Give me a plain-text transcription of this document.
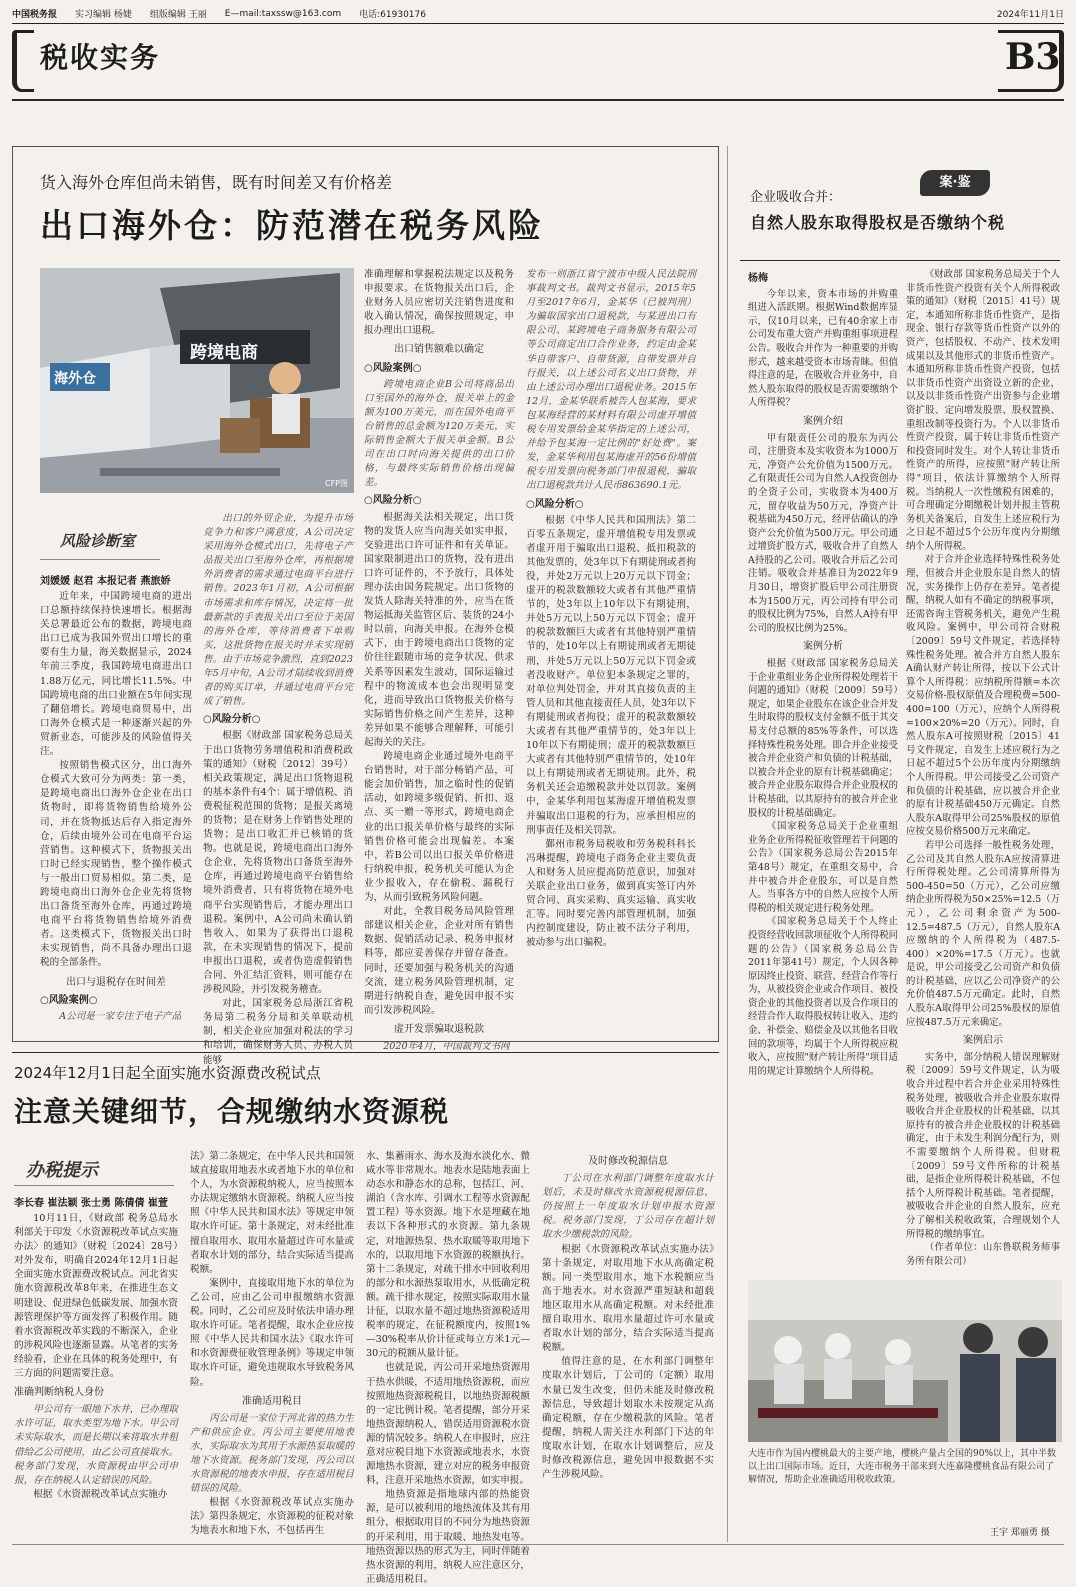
中国税务报 实习编辑 杨婕 组版编辑 王丽 E—mail:taxssw@163.com 电话:61930176	2024年11月1日
税收实务	B3
货入海外仓库但尚未销售，既有时间差又有价格差
出口海外仓：防范潜在税务风险
跨境电商
海外仓
CFP图
风险诊断室
刘媛媛 赵君 本报记者 燕旅娇

近年来，中国跨境电商的进出口总额持续保持快速增长。根据海关总署最近公布的数据，跨境电商出口已成为我国外贸出口增长的重要有生力量，海关数据显示，2024年前三季度，我国跨境电商进出口1.88万亿元，同比增长11.5%。中国跨境电商的出口业额在5年间实现了翻倍增长。跨境电商贸易中，出口海外仓模式是一种逐渐兴起的外贸新业态，可能涉及的风险值得关注。

按照销售模式区分，出口海外仓模式大致可分为两类：第一类，是跨境电商出口海外仓企业在出口货物时，即将货物销售给境外公司，并在货物抵达后存入指定海外仓，后续由境外公司在电商平台运营销售。这种模式下，货物报关出口时已经实现销售，整个操作模式与一般出口贸易相似。第二类，是跨境电商出口海外仓企业先将货物出口备货至海外仓库，再通过跨境电商平台将货物销售给境外消费者。这类模式下，货物报关出口时未实现销售，尚不具备办理出口退税的全部条件。

出口与退税存在时间差
○风险案例○

A公司是一家专注于电子产品

出口的外贸企业，为提升市场竞争力和客户满意度，A公司决定采用海外仓模式出口，先将电子产品报关出口至海外仓库，再根据境外消费者的需求通过电商平台进行销售。2023年1月初，A公司根据市场需求和库存情况，决定将一批最新款的手表报关出口至位于美国的海外仓库，等待消费者下单购买，这批货物在报关时并未实现销售。由于市场竞争激烈，直到2023年5月中旬，A公司才陆续收到消费者的购买订单，并通过电商平台完成了销售。

○风险分析○

根据《财政部 国家税务总局关于出口货物劳务增值税和消费税政策的通知》（财税〔2012〕39号）相关政策规定，满足出口货物退税的基本条件有4个：属于增值税、消费税征税范围的货物；是报关离境的货物；是在财务上作销售处理的货物；是出口收汇并已核销的货物。也就是说，跨境电商出口海外仓企业，先将货物出口备货至海外仓库，再通过跨境电商平台销售给境外消费者，只有将货物在境外电商平台实现销售后，才能办理出口退税。案例中，A公司尚未确认销售收入，如果为了获得出口退税款，在未实现销售的情况下，提前申报出口退税，或者伪造虚假销售合同、外汇结汇资料，则可能存在涉税风险，并引发税务稽查。

对此，国家税务总局浙江省税务局第二税务分局和关单联动机制，相关企业应加强对税法的学习和培训，确保财务人员、办税人员能够

准确理解和掌握税法规定以及税务申报要求。在货物报关出口后，企业财务人员应密切关注销售进度和收入确认情况，确保按照规定，申报办理出口退税。

出口销售额难以确定
○风险案例○

跨境电商企业B公司将商品出口至国外的海外仓，报关单上的金额为100万美元，而在国外电商平台销售的总金额为120万美元，实际销售金额大于报关单金额。B公司在出口时向海关提供的出口价格，与最终实际销售价格出现偏差。

○风险分析○

根据海关法相关规定，出口货物的发货人应当向海关如实申报，交验进出口许可证件和有关单证。国家限制进出口的货物，没有进出口许可证件的，不予放行，具体处理办法由国务院规定。出口货物的发货人除海关特准的外，应当在货物运抵海关监管区后、装货的24小时以前，向海关申报。在海外仓模式下，由于跨境电商出口货物的定价往往跟随市场的竞争状况、供求关系等因素发生波动，国际运输过程中的物流成本也会出现明显变化，进而导致出口货物报关价格与实际销售价格之间产生差异，这种差异如果不能够合理解释，可能引起海关的关注。

跨境电商企业通过境外电商平台销售时，对于部分畅销产品，可能会加价销售，加之临时性的促销活动，如跨境多级促销、折扣、返点、买一赠一等形式，跨境电商企业的出口报关单价格与最终的实际销售价格可能会出现偏差。本案中，若B公司以出口报关单价格进行纳税申报，税务机关可能认为企业少报收入，存在偷税、漏税行为，从而引致税务风险问题。

对此，全教目税务局风险管理部建议相关企业，企业对所有销售数据、促销活动记录、税务申报材料等，都应妥善保存并留存备查。同时，还要加强与税务机关的沟通交流，建立税务风险管理机制，定期进行纳税自查，避免因申报不实而引发涉税风险。

虚开发票骗取退税款

2020年4月，中国裁判文书网

发布一则浙江省宁波市中级人民法院刑事裁判文书。裁判文书显示，2015年5月至2017年6月，金某华（已被判刑）为骗取国家出口退税款，与某进出口有限公司、某跨境电子商务服务有限公司等公司商定出口合作业务，约定由金某华自带客户、自带货源，自带发票并自行报关，以上述公司名义出口货物，并由上述公司办理出口退税业务。2015年12月，金某华联系被告人包某海，要求包某海经营的某材料有限公司虚开增值税专用发票给金某华指定的上述公司，并给予包某海一定比例的"好处费"。案发，金某华利用包某海虚开的56份增值税专用发票向税务部门申报退税，骗取出口退税款共计人民币863690.1元。

○风险分析○

根据《中华人民共和国刑法》第二百零五条规定，虚开增值税专用发票或者虚开用于骗取出口退税、抵扣税款的其他发票的，处3年以下有期徒刑或者拘役，并处2万元以上20万元以下罚金；虚开的税款数额较大或者有其他严重情节的，处3年以上10年以下有期徒刑，并处5万元以上50万元以下罚金；虚开的税款数额巨大或者有其他特别严重情节的，处10年以上有期徒刑或者无期徒刑，并处5万元以上50万元以下罚金或者没收财产。单位犯本条规定之罪的，对单位判处罚金，并对其直接负责的主管人员和其他直接责任人员，处3年以下有期徒刑或者拘役；虚开的税款数额较大或者有其他严重情节的，处3年以上10年以下有期徒刑；虚开的税款数额巨大或者有其他特别严重情节的，处10年以上有期徒刑或者无期徒刑。此外，税务机关还会追缴税款并处以罚款。案例中，金某华利用包某海虚开增值税发票并骗取出口退税的行为，应承担相应的刑事责任及相关罚款。

鄞州市税务局税收和劳务税科科长冯琳提醒，跨境电子商务企业主要负责人和财务人员应提高防范意识，加强对关联企业出口业务，做到真实签订内外贸合同、真实采购、真实运输、真实收汇等。同时要完善内部管理机制，加强内控制度建设，防止被不法分子利用，被动参与出口骗税。

2024年12月1日起全面实施水资源费改税试点
注意关键细节，合规缴纳水资源税
办税提示
李长春 崔法颖 张士勇 陈倩倩 崔萱

10月11日，《财政部 税务总局水利部关于印发〈水资源税改革试点实施办法〉的通知》（财税〔2024〕28号）对外发布，明确自2024年12月1日起全面实施水资源费改税试点。河北省实施水资源税改革8年来，在推进生态文明建设、促进绿色低碳发展、加强水资源管理保护等方面发挥了积极作用。随着水资源税改革实践的不断深入，企业的涉税风险也逐渐显露。从笔者的实务经验看，企业在具体的税务处理中，有三方面的问题需要注意。

准确判断纳税人身份

甲公司有一眼地下水井，已办理取水许可证，取水类型为地下水。甲公司未实际取水，而是长期以来将取水井租借给乙公司使用，由乙公司直接取水。税务部门发现，水资源税由甲公司申报，存在纳税人认定错误的风险。

根据《水资源税改革试点实施办

法》第二条规定，在中华人民共和国领域直接取用地表水或者地下水的单位和个人，为水资源税纳税人，应当按照本办法规定缴纳水资源税。纳税人应当按照《中华人民共和国水法》等规定申领取水许可证。第十条规定，对未经批准擅自取用水、取用水量超过许可水量或者取水计划的部分，结合实际适当提高税额。

案例中，直接取用地下水的单位为乙公司，应由乙公司申报缴纳水资源税。同时，乙公司应及时依法申请办理取水许可证。笔者提醒，取水企业应按照《中华人民共和国水法》《取水许可和水资源费征收管理条例》等规定申领取水许可证，避免违规取水导致税务风险。

准确适用税目

丙公司是一家位于河北省的热力生产和供应企业。丙公司主要使用地表水，实际取水为其用于水源热泵取暖的地下水资源。税务部门发现，丙公司以水资源税的地表水申报，存在适用税目错误的风险。

根据《水资源税改革试点实施办法》第四条规定，水资源税的征税对象为地表水和地下水，不包括再生

水、集蓄雨水、海水及海水淡化水、微咸水等非常规水。地表水是陆地表面上动态水和静态水的总称，包括江、河、湖泊（含水库、引调水工程等水资源配置工程）等水资源。地下水是埋藏在地表以下各种形式的水资源。第九条规定，对地源热泵、热水取暖等取用地下水的，以取用地下水资源的税额执行。第十二条规定，对疏干排水中回收利用的部分和水源热泵取用水，从低确定税额。疏干排水规定，按照实际取用水量计征，以取水量不超过地热资源税适用税率的规定，在征税额度内，按照1%—30%税率从价计征或每立方米1元—30元的税额从量计征。

也就是说，丙公司开采地热资源用于热水供暖，不适用地热资源税，而应按照地热资源税税目，以地热资源税额的一定比例计税。笔者提醒，部分开采地热资源纳税人，错误适用资源税水资源的情况较多。纳税人在申报时，应注意对应税目地下水资源或地表水，水资源地热水资源，建立对应的税务申报资料，注意开采地热水资源，如实申报。

地热资源是指地球内部的热能资源，是可以被利用的地热流体及其有用组分，根据取用目的不同分为地热资源的开采利用，用于取暖、地热发电等。地热资源以热的形式为主，同时伴随着热水资源的利用，纳税人应注意区分，正确适用税目。

及时修改税源信息

丁公司在水利部门调整年度取水计划后，未及时修改水资源税税源信息，仍按照上一年度取水计划申报水资源税。税务部门发现，丁公司存在超计划取水少缴税款的风险。

根据《水资源税改革试点实施办法》第十条规定，对取用地下水从高确定税额。同一类型取用水，地下水税额应当高于地表水。对水资源严重短缺和超载地区取用水从高确定税额。对未经批准擅自取用水、取用水量超过许可水量或者取水计划的部分，结合实际适当提高税额。

值得注意的是，在水利部门调整年度取水计划后，丁公司的（定额）取用水量已发生改变，但仍未能及时修改税源信息，导致超计划取水未按规定从高确定税额，存在少缴税款的风险。笔者提醒，纳税人需关注水利部门下达的年度取水计划，在取水计划调整后，应及时修改税源信息，避免因申报数据不实产生涉税风险。

企业吸收合并：
案·鉴
自然人股东取得股权是否缴纳个税
杨梅

今年以来，资本市场的并购重组进入活跃期。根据Wind数据库显示，仅10月以来，已有40余家上市公司发布重大资产并购重组事项进程公告。吸收合并作为一种重要的并购形式，越来越受资本市场青睐。但值得注意的是，在吸收合并业务中，自然人股东取得的股权是否需要缴纳个人所得税？

案例介绍

甲有限责任公司的股东为丙公司，注册资本及实收资本为1000万元，净资产公允价值为1500万元。乙有限责任公司为自然人A投资创办的全资子公司，实收资本为400万元，留存收益为50万元，净资产计税基础为450万元，经评估确认的净资产公允价值为500万元。甲公司通过增资扩股方式，吸收合并了自然人A持股的乙公司。吸收合并后乙公司注销。吸收合并基准日为2022年9月30日，增资扩股后甲公司注册资本为1500万元，丙公司持有甲公司的股权比例为75%，自然人A持有甲公司的股权比例为25%。

案例分析

根据《财政部 国家税务总局关于企业重组业务企业所得税处理若干问题的通知》（财税〔2009〕59号）规定，如果企业股东在该企业合并发生时取得的股权支付金额不低于其交易支付总额的85%等条件，可以选择特殊性税务处理。即合并企业接受被合并企业资产和负债的计税基础，以被合并企业的原有计税基础确定；被合并企业股东取得合并企业股权的计税基础，以其原持有的被合并企业股权的计税基础确定。

《国家税务总局关于企业重组业务企业所得税征收管理若干问题的公告》（国家税务总局公告2015年第48号）规定，在重组交易中，合并中被合并企业股东，可以是自然人。当事各方中的自然人应按个人所得税的相关规定进行税务处理。

《国家税务总局关于个人终止投资经营收回款项征收个人所得税问题的公告》（国家税务总局公告2011年第41号）规定，个人因各种原因终止投资、联营、经营合作等行为，从被投资企业或合作项目、被投资企业的其他投资者以及合作项目的经营合作人取得股权转让收入、违约金、补偿金、赔偿金及以其他名目收回的款项等，均属于个人所得税应税收入，应按照"财产转让所得"项目适用的规定计算缴纳个人所得税。

《财政部 国家税务总局关于个人非货币性资产投资有关个人所得税政策的通知》（财税〔2015〕41号）规定，本通知所称非货币性资产，是指现金、银行存款等货币性资产以外的资产，包括股权、不动产、技术发明成果以及其他形式的非货币性资产。本通知所称非货币性资产投资，包括以非货币性资产出资设立新的企业，以及以非货币性资产出资参与企业增资扩股、定向增发股票、股权置换、重组改制等投资行为。个人以非货币性资产投资，属于转让非货币性资产和投资同时发生。对个人转让非货币性资产的所得，应按照"财产转让所得"项目，依法计算缴纳个人所得税。当纳税人一次性缴税有困难的，可合理确定分期缴税计划并报主管税务机关备案后，自发生上述应税行为之日起不超过5个公历年度内分期缴纳个人所得税。

对于合并企业选择特殊性税务处理，但被合并企业股东是自然人的情况，实务操作上仍存在差异。笔者提醒，纳税人如有不确定的纳税事项，还需咨询主管税务机关，避免产生税收风险。案例中，甲公司符合财税〔2009〕59号文件规定，若选择特殊性税务处理。被合并方自然人股东A确认财产转让所得，按以下公式计算个人所得税：应纳税所得额=本次交易价格-股权原值及合理税费=500-400=100（万元），应纳个人所得税=100×20%=20（万元）。同时，自然人股东A可按照财税〔2015〕41号文件规定，自发生上述应税行为之日起不超过5个公历年度内分期缴纳个人所得税。甲公司接受乙公司资产和负债的计税基础，应以被合并企业的原有计税基础450万元确定。自然人股东A取得甲公司25%股权的原值应按交易价格500万元来确定。

若甲公司选择一般性税务处理，乙公司及其自然人股东A应按清算进行所得税处理。乙公司清算所得为500-450=50（万元），乙公司应缴纳企业所得税为50×25%=12.5（万元），乙公司剩余资产为500-12.5=487.5（万元），自然人股东A应缴纳的个人所得税为（487.5-400）×20%=17.5（万元）。也就是说，甲公司接受乙公司资产和负债的计税基础，应以乙公司净资产的公允价值487.5万元确定。此时，自然人股东A取得甲公司25%股权的原值应按487.5万元来确定。

案例启示

实务中，部分纳税人错误理解财税〔2009〕59号文件规定，认为吸收合并过程中若合并企业采用特殊性税务处理，被吸收合并企业股东取得吸收合并企业股权的计税基础，以其原持有的被合并企业股权的计税基础确定，由于未发生利润分配行为，则不需要缴纳个人所得税。但财税〔2009〕59号文件所称的计税基础，是指企业所得税计税基础，不包括个人所得税计税基础。笔者提醒，被吸收合并企业的自然人股东，应充分了解相关税收政策，合理规划个人所得税的缴纳事宜。

（作者单位：山东鲁联税务师事务所有限公司）

大连市作为国内樱桃最大的主要产地，樱桃产量占全国的90%以上，其中半数以上出口国际市场。近日，大连市税务干部来到大连嘉隆樱桃食品有限公司了解情况，帮助企业准确适用税收政策。
王宇 郑丽勇 摄
